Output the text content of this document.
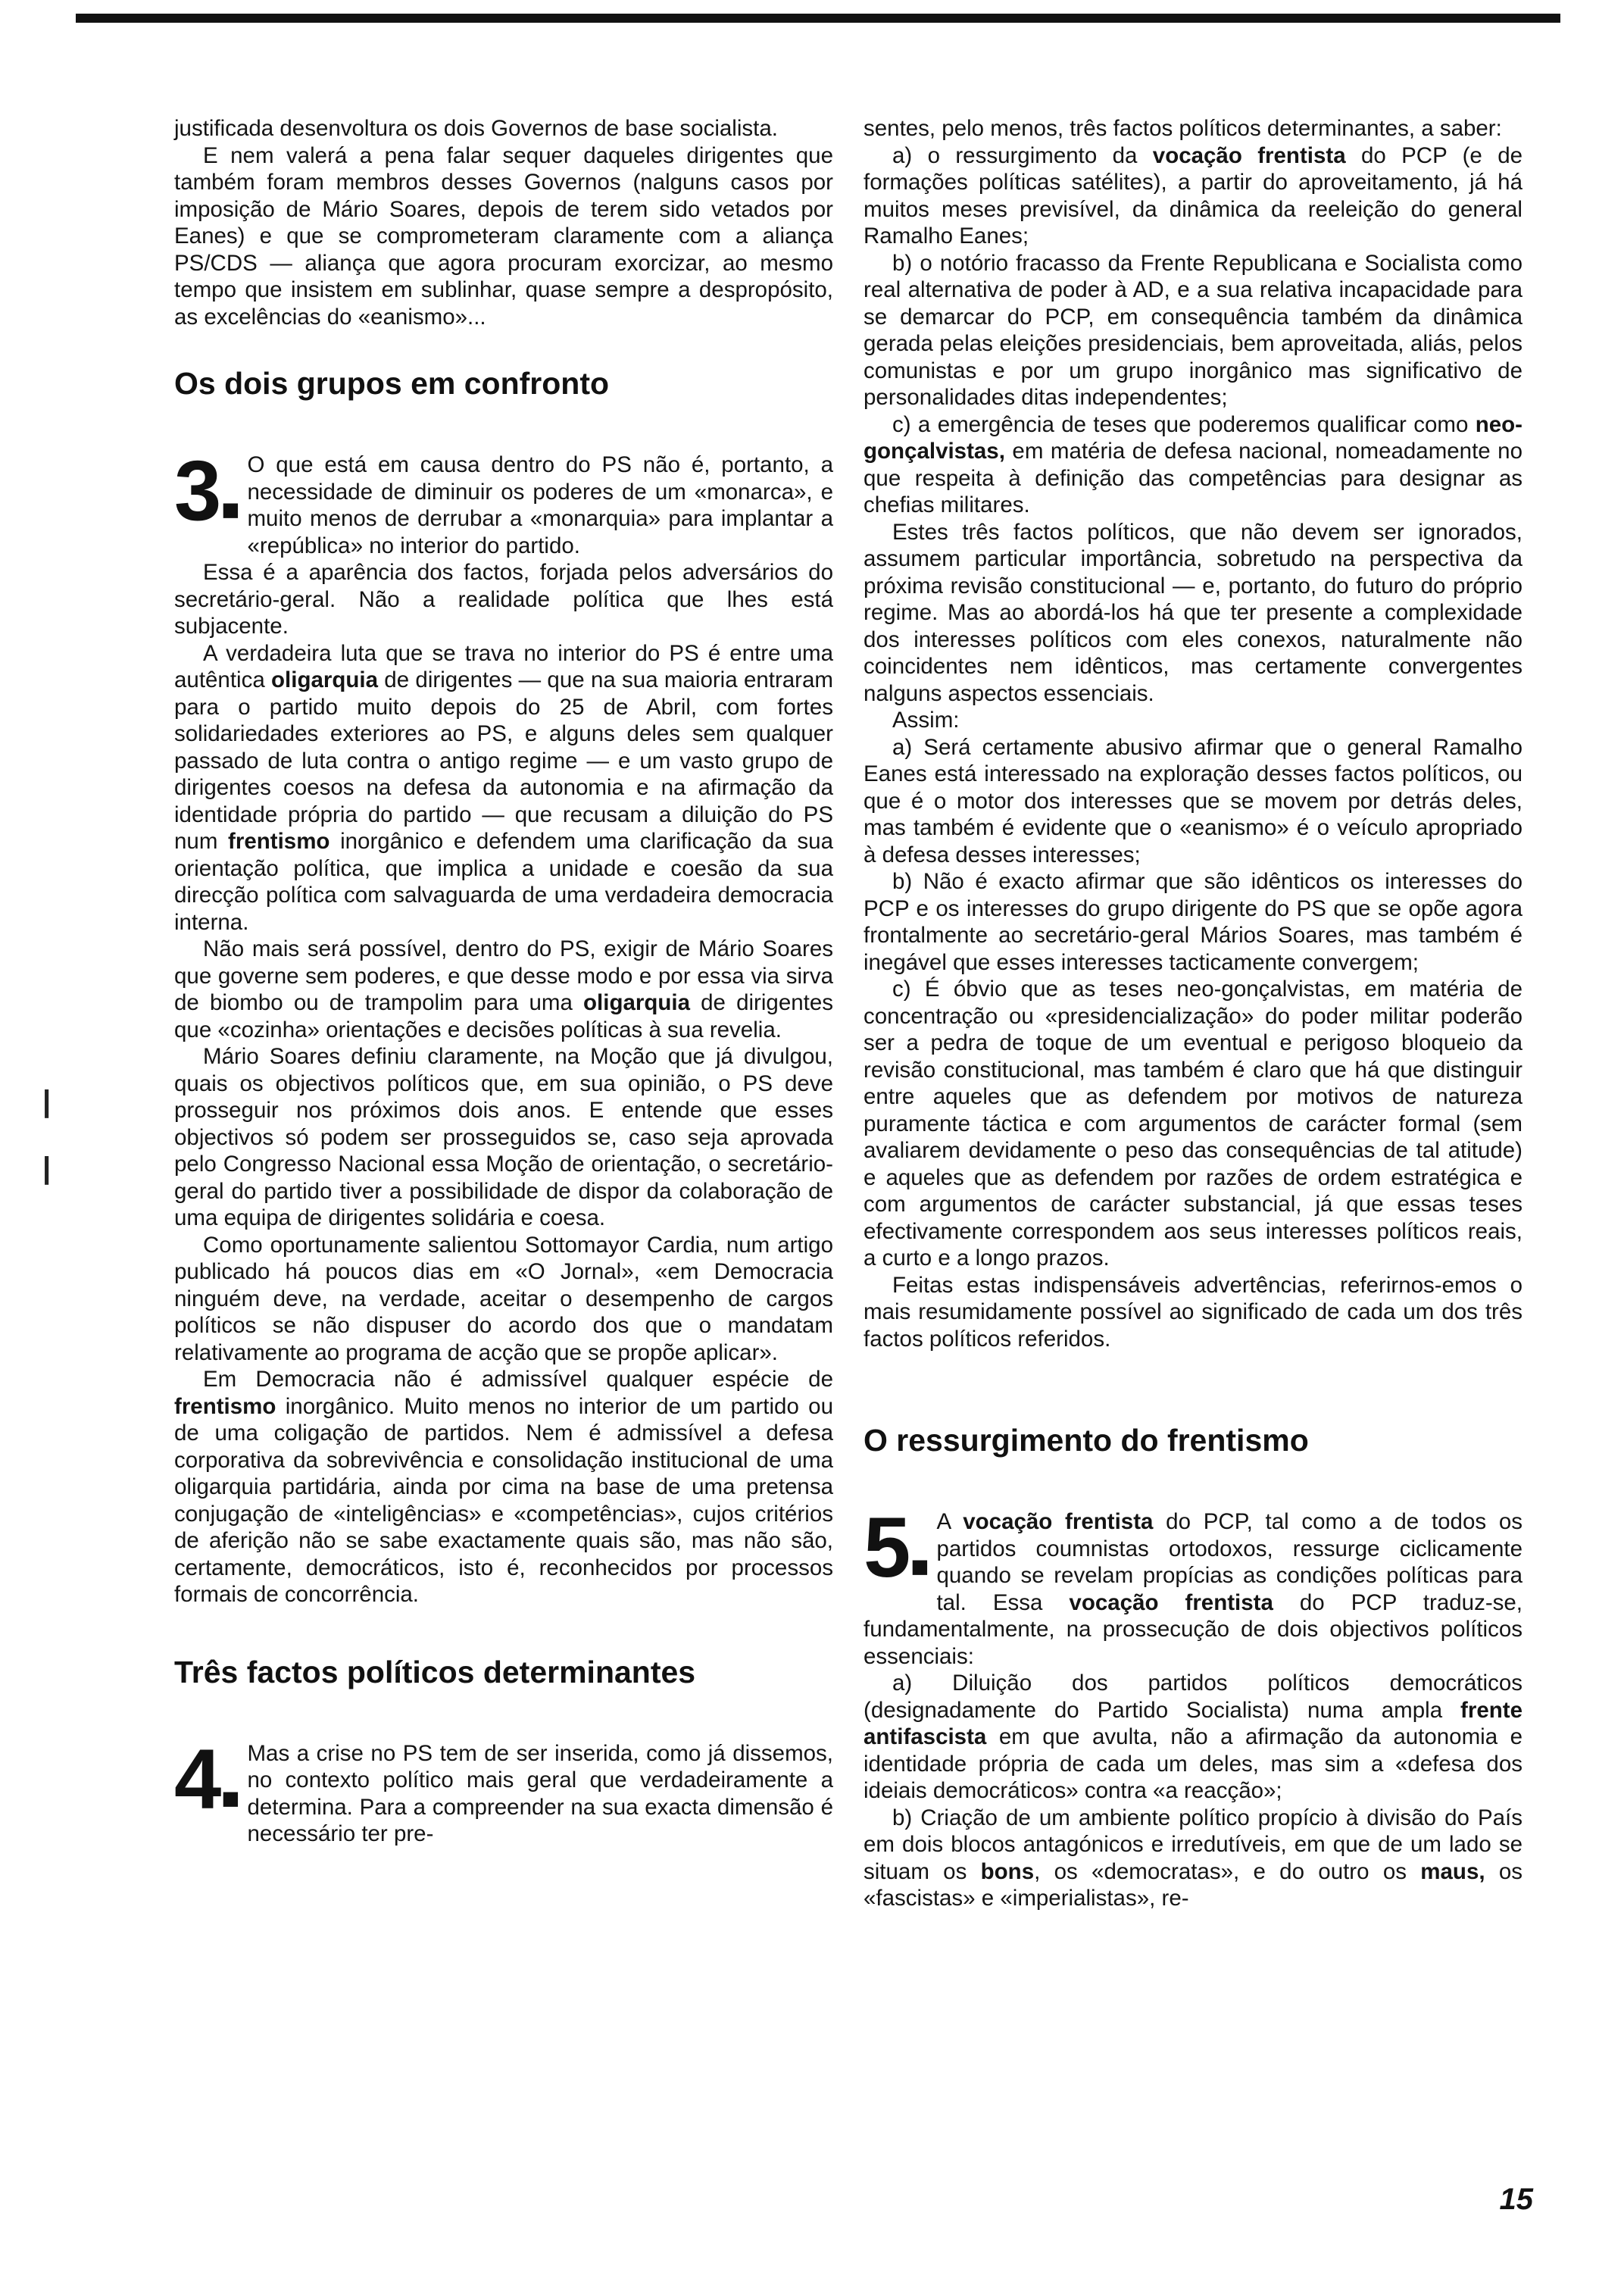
|
|

justificada desenvoltura os dois Governos de base socialista.

E nem valerá a pena falar sequer daqueles dirigentes que também foram membros desses Governos (nalguns casos por imposição de Mário Soares, depois de terem sido vetados por Eanes) e que se comprometeram claramente com a aliança PS/CDS — aliança que agora procuram exorcizar, ao mesmo tempo que insistem em sublinhar, quase sempre a despropósito, as excelências do «eanismo»...

Os dois grupos em confronto
3■

O que está em causa dentro do PS não é, portanto, a necessidade de diminuir os poderes de um «monarca», e muito menos de derrubar a «monarquia» para implantar a «república» no interior do partido.

Essa é a aparência dos factos, forjada pelos adversários do secretário-geral. Não a realidade política que lhes está subjacente.

A verdadeira luta que se trava no interior do PS é entre uma autêntica oligarquia de dirigentes — que na sua maioria entraram para o partido muito depois do 25 de Abril, com fortes solidariedades exteriores ao PS, e alguns deles sem qualquer passado de luta contra o antigo regime — e um vasto grupo de dirigentes coesos na defesa da autonomia e na afirmação da identidade própria do partido — que recusam a diluição do PS num frentismo inorgânico e defendem uma clarificação da sua orientação política, que implica a unidade e coesão da sua direcção política com salvaguarda de uma verdadeira democracia interna.

Não mais será possível, dentro do PS, exigir de Mário Soares que governe sem poderes, e que desse modo e por essa via sirva de biombo ou de trampolim para uma oligarquia de dirigentes que «cozinha» orientações e decisões políticas à sua revelia.

Mário Soares definiu claramente, na Moção que já divulgou, quais os objectivos políticos que, em sua opinião, o PS deve prosseguir nos próximos dois anos. E entende que esses objectivos só podem ser prosseguidos se, caso seja aprovada pelo Congresso Nacional essa Moção de orientação, o secretário-geral do partido tiver a possibilidade de dispor da colaboração de uma equipa de dirigentes solidária e coesa.

Como oportunamente salientou Sottomayor Cardia, num artigo publicado há poucos dias em «O Jornal», «em Democracia ninguém deve, na verdade, aceitar o desempenho de cargos políticos se não dispuser do acordo dos que o mandatam relativamente ao programa de acção que se propõe aplicar».

Em Democracia não é admissível qualquer espécie de frentismo inorgânico. Muito menos no interior de um partido ou de uma coligação de partidos. Nem é admissível a defesa corporativa da sobrevivência e consolidação institucional de uma oligarquia partidária, ainda por cima na base de uma pretensa conjugação de «inteligências» e «competências», cujos critérios de aferição não se sabe exactamente quais são, mas não são, certamente, democráticos, isto é, reconhecidos por processos formais de concorrência.

Três factos políticos determinantes
4■

Mas a crise no PS tem de ser inserida, como já dissemos, no contexto político mais geral que verdadeiramente a determina. Para a compreender na sua exacta dimensão é necessário ter pre-

sentes, pelo menos, três factos políticos determinantes, a saber:

a) o ressurgimento da vocação frentista do PCP (e de formações políticas satélites), a partir do aproveitamento, já há muitos meses previsível, da dinâmica da reeleição do general Ramalho Eanes;

b) o notório fracasso da Frente Republicana e Socialista como real alternativa de poder à AD, e a sua relativa incapacidade para se demarcar do PCP, em consequência também da dinâmica gerada pelas eleições presidenciais, bem aproveitada, aliás, pelos comunistas e por um grupo inorgânico mas significativo de personalidades ditas independentes;

c) a emergência de teses que poderemos qualificar como neo-gonçalvistas, em matéria de defesa nacional, nomeadamente no que respeita à definição das competências para designar as chefias militares.

Estes três factos políticos, que não devem ser ignorados, assumem particular importância, sobretudo na perspectiva da próxima revisão constitucional — e, portanto, do futuro do próprio regime. Mas ao abordá-los há que ter presente a complexidade dos interesses políticos com eles conexos, naturalmente não coincidentes nem idênticos, mas certamente convergentes nalguns aspectos essenciais.

Assim:

a) Será certamente abusivo afirmar que o general Ramalho Eanes está interessado na exploração desses factos políticos, ou que é o motor dos interesses que se movem por detrás deles, mas também é evidente que o «eanismo» é o veículo apropriado à defesa desses interesses;

b) Não é exacto afirmar que são idênticos os interesses do PCP e os interesses do grupo dirigente do PS que se opõe agora frontalmente ao secretário-geral Mários Soares, mas também é inegável que esses interesses tacticamente convergem;

c) É óbvio que as teses neo-gonçalvistas, em matéria de concentração ou «presidencialização» do poder militar poderão ser a pedra de toque de um eventual e perigoso bloqueio da revisão constitucional, mas também é claro que há que distinguir entre aqueles que as defendem por motivos de natureza puramente táctica e com argumentos de carácter formal (sem avaliarem devidamente o peso das consequências de tal atitude) e aqueles que as defendem por razões de ordem estratégica e com argumentos de carácter substancial, já que essas teses efectivamente correspondem aos seus interesses políticos reais, a curto e a longo prazos.

Feitas estas indispensáveis advertências, referirnos-emos o mais resumidamente possível ao significado de cada um dos três factos políticos referidos.

O ressurgimento do frentismo
5■

A vocação frentista do PCP, tal como a de todos os partidos coumnistas ortodoxos, ressurge ciclicamente quando se revelam propícias as condições políticas para tal. Essa vocação frentista do PCP traduz-se, fundamentalmente, na prossecução de dois objectivos políticos essenciais:

a) Diluição dos partidos políticos democráticos (designadamente do Partido Socialista) numa ampla frente antifascista em que avulta, não a afirmação da autonomia e identidade própria de cada um deles, mas sim a «defesa dos ideiais democráticos» contra «a reacção»;

b) Criação de um ambiente político propício à divisão do País em dois blocos antagónicos e irredutíveis, em que de um lado se situam os bons, os «democratas», e do outro os maus, os «fascistas» e «imperialistas», re-

15
